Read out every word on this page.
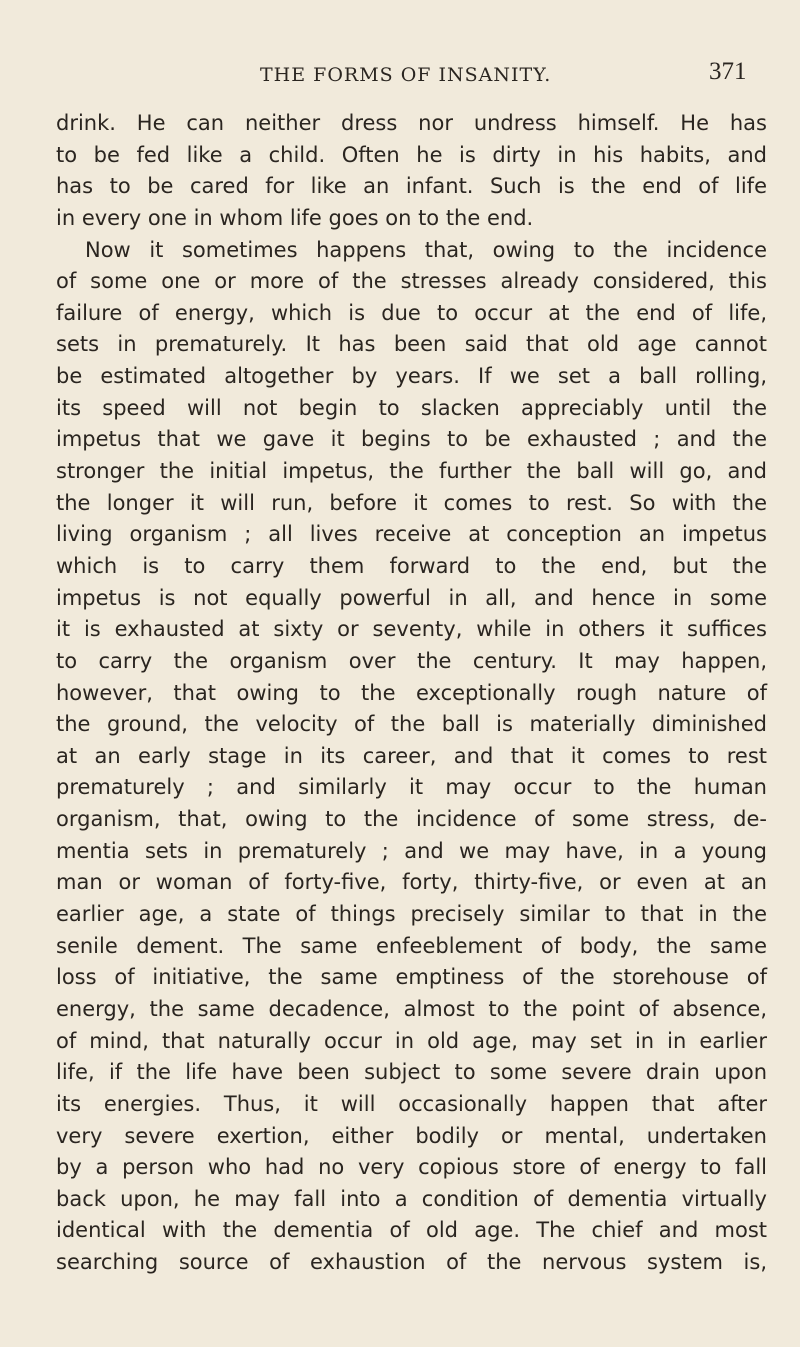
THE FORMS OF INSANITY.	371
drink. He can neither dress nor undress himself. He has
to be fed like a child. Often he is dirty in his habits, and
has to be cared for like an infant. Such is the end of life
in every one in whom life goes on to the end.
Now it sometimes happens that, owing to the incidence
of some one or more of the stresses already considered, this
failure of energy, which is due to occur at the end of life,
sets in prematurely. It has been said that old age cannot
be estimated altogether by years. If we set a ball rolling,
its speed will not begin to slacken appreciably until the
impetus that we gave it begins to be exhausted ; and the
stronger the initial impetus, the further the ball will go, and
the longer it will run, before it comes to rest. So with the
living organism ; all lives receive at conception an impetus
which is to carry them forward to the end, but the
impetus is not equally powerful in all, and hence in some
it is exhausted at sixty or seventy, while in others it suffices
to carry the organism over the century. It may happen,
however, that owing to the exceptionally rough nature of
the ground, the velocity of the ball is materially diminished
at an early stage in its career, and that it comes to rest
prematurely ; and similarly it may occur to the human
organism, that, owing to the incidence of some stress, de-
mentia sets in prematurely ; and we may have, in a young
man or woman of forty-five, forty, thirty-five, or even at an
earlier age, a state of things precisely similar to that in the
senile dement. The same enfeeblement of body, the same
loss of initiative, the same emptiness of the storehouse of
energy, the same decadence, almost to the point of absence,
of mind, that naturally occur in old age, may set in in earlier
life, if the life have been subject to some severe drain upon
its energies. Thus, it will occasionally happen that after
very severe exertion, either bodily or mental, undertaken
by a person who had no very copious store of energy to fall
back upon, he may fall into a condition of dementia virtually
identical with the dementia of old age. The chief and most
searching source of exhaustion of the nervous system is,
